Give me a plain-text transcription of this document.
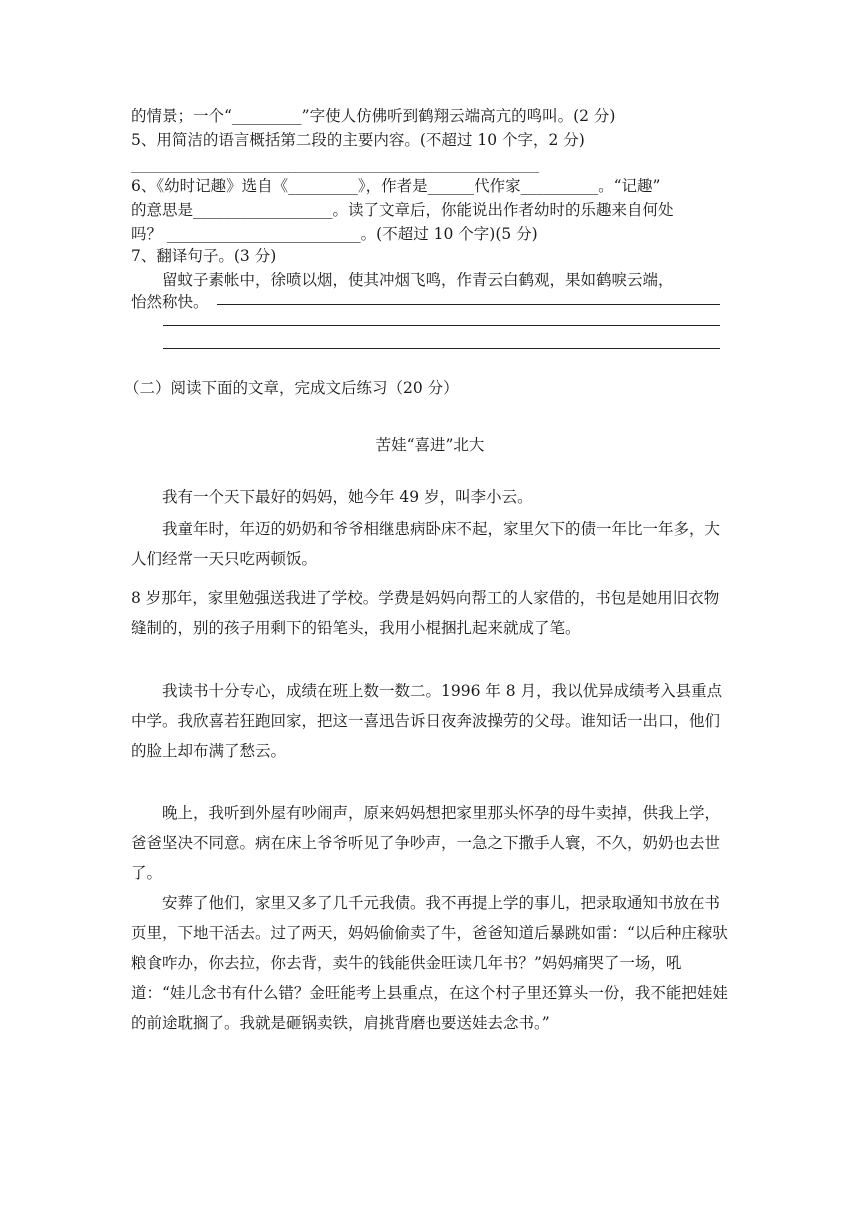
的情景；一个“_________”字使人仿佛听到鹤翔云端高亢的鸣叫。(2 分)
5、用简洁的语言概括第二段的主要内容。(不超过 10 个字，2 分)
_________________________________________________________
6、《幼时记趣》选自《_________》，作者是______代作家__________。“记趣”
的意思是__________________。读了文章后，你能说出作者幼时的乐趣来自何处
吗？ _________________________。(不超过 10 个字)(5 分)
7、翻译句子。(3 分)
　　留蚊子素帐中，徐喷以烟，使其冲烟飞鸣，作青云白鹤观，果如鹤唳云端，
怡然称快。
（二）阅读下面的文章，完成文后练习（20 分）
苦娃“喜进”北大
　　我有一个天下最好的妈妈，她今年 49 岁，叫李小云。
　　我童年时，年迈的奶奶和爷爷相继患病卧床不起，家里欠下的债一年比一年多，大人们经常一天只吃两顿饭。
8 岁那年，家里勉强送我进了学校。学费是妈妈向帮工的人家借的，书包是她用旧衣物缝制的，别的孩子用剩下的铅笔头，我用小棍捆扎起来就成了笔。
　　我读书十分专心，成绩在班上数一数二。1996 年 8 月，我以优异成绩考入县重点中学。我欣喜若狂跑回家，把这一喜迅告诉日夜奔波操劳的父母。谁知话一出口，他们的脸上却布满了愁云。
　　晚上，我听到外屋有吵闹声，原来妈妈想把家里那头怀孕的母牛卖掉，供我上学，爸爸坚决不同意。病在床上爷爷听见了争吵声，一急之下撒手人寰，不久，奶奶也去世了。
　　安葬了他们，家里又多了几千元我债。我不再提上学的事儿，把录取通知书放在书页里，下地干活去。过了两天，妈妈偷偷卖了牛，爸爸知道后暴跳如雷：“以后种庄稼驮粮食咋办，你去拉，你去背，卖牛的钱能供金旺读几年书？”妈妈痛哭了一场，吼道：“娃儿念书有什么错？金旺能考上县重点，在这个村子里还算头一份，我不能把娃娃的前途耽搁了。我就是砸锅卖铁，肩挑背磨也要送娃去念书。”
